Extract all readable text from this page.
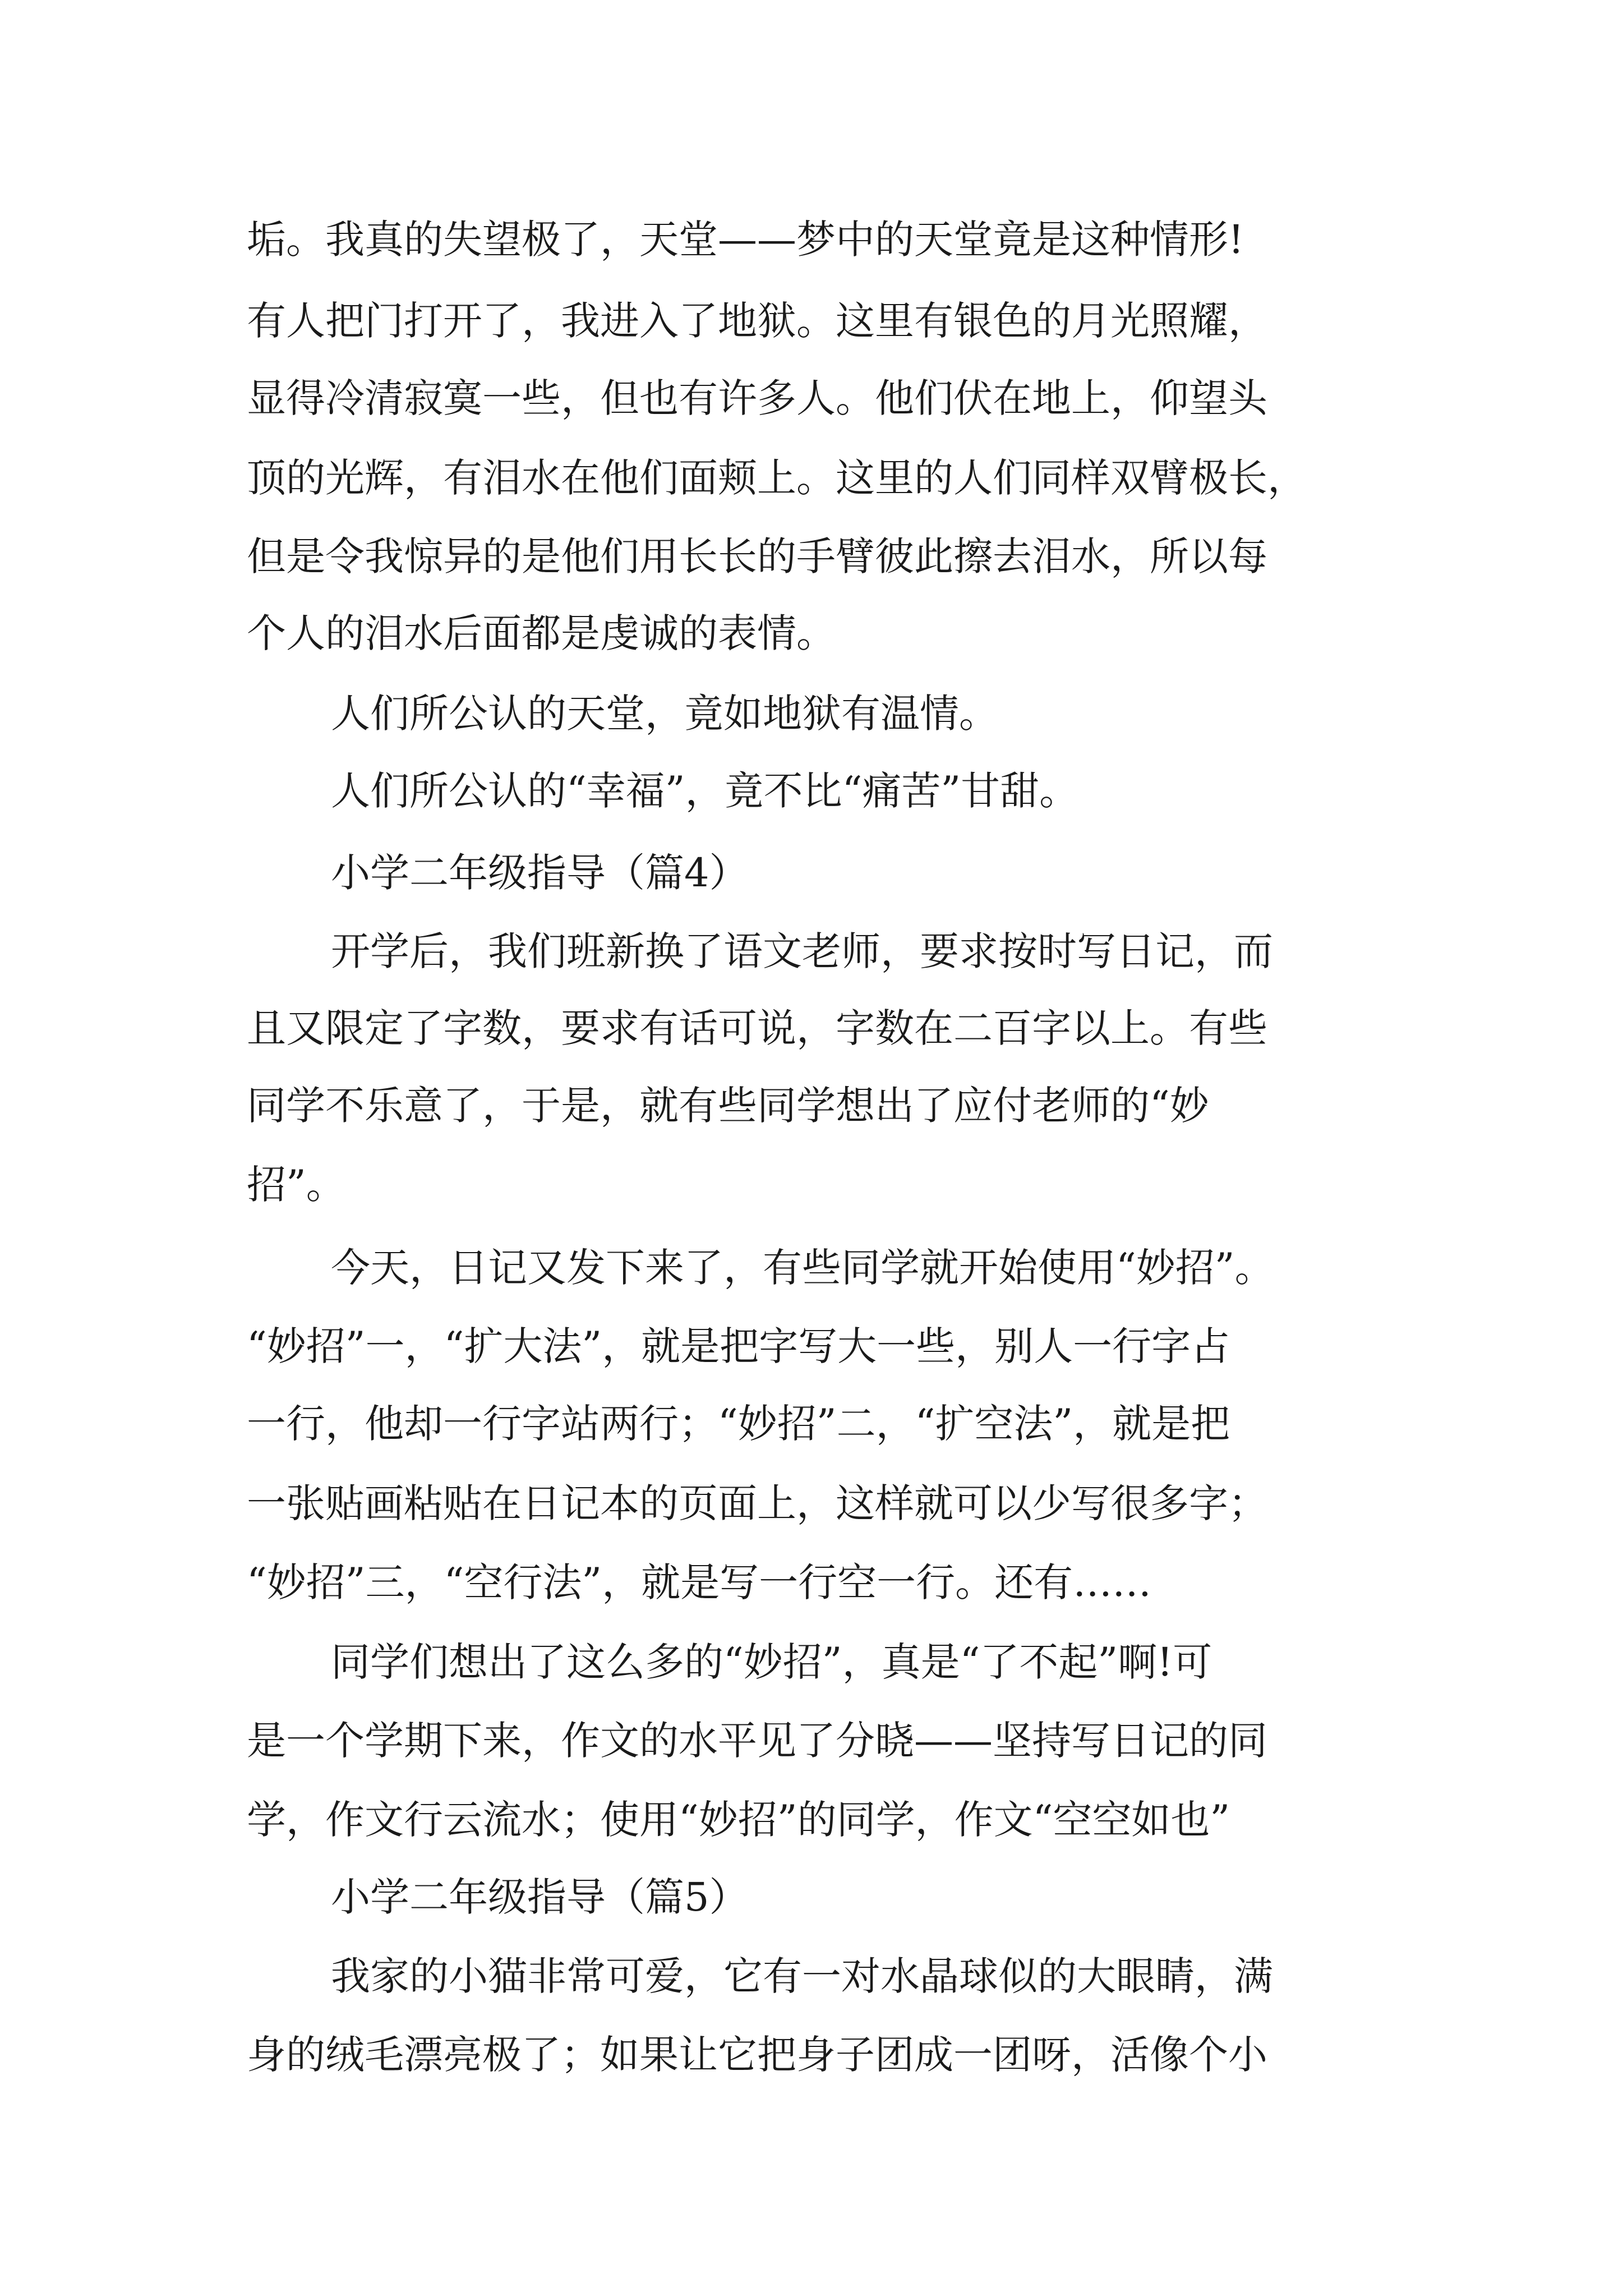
垢。我真的失望极了，天堂——梦中的天堂竟是这种情形!
有人把门打开了，我进入了地狱。这里有银色的月光照耀，
显得冷清寂寞一些，但也有许多人。他们伏在地上，仰望头
顶的光辉，有泪水在他们面颊上。这里的人们同样双臂极长，
但是令我惊异的是他们用长长的手臂彼此擦去泪水，所以每
个人的泪水后面都是虔诚的表情。
人们所公认的天堂，竟如地狱有温情。
人们所公认的“幸福”，竟不比“痛苦”甘甜。
小学二年级指导（篇4）
开学后，我们班新换了语文老师，要求按时写日记，而
且又限定了字数，要求有话可说，字数在二百字以上。有些
同学不乐意了，于是，就有些同学想出了应付老师的“妙
招”。
今天，日记又发下来了，有些同学就开始使用“妙招”。
“妙招”一，“扩大法”，就是把字写大一些，别人一行字占
一行，他却一行字站两行；“妙招”二，“扩空法”，就是把
一张贴画粘贴在日记本的页面上，这样就可以少写很多字；
“妙招”三，“空行法”，就是写一行空一行。还有……
同学们想出了这么多的“妙招”，真是“了不起”啊!可
是一个学期下来，作文的水平见了分晓——坚持写日记的同
学，作文行云流水；使用“妙招”的同学，作文“空空如也”
小学二年级指导（篇5）
我家的小猫非常可爱，它有一对水晶球似的大眼睛，满
身的绒毛漂亮极了；如果让它把身子团成一团呀，活像个小
